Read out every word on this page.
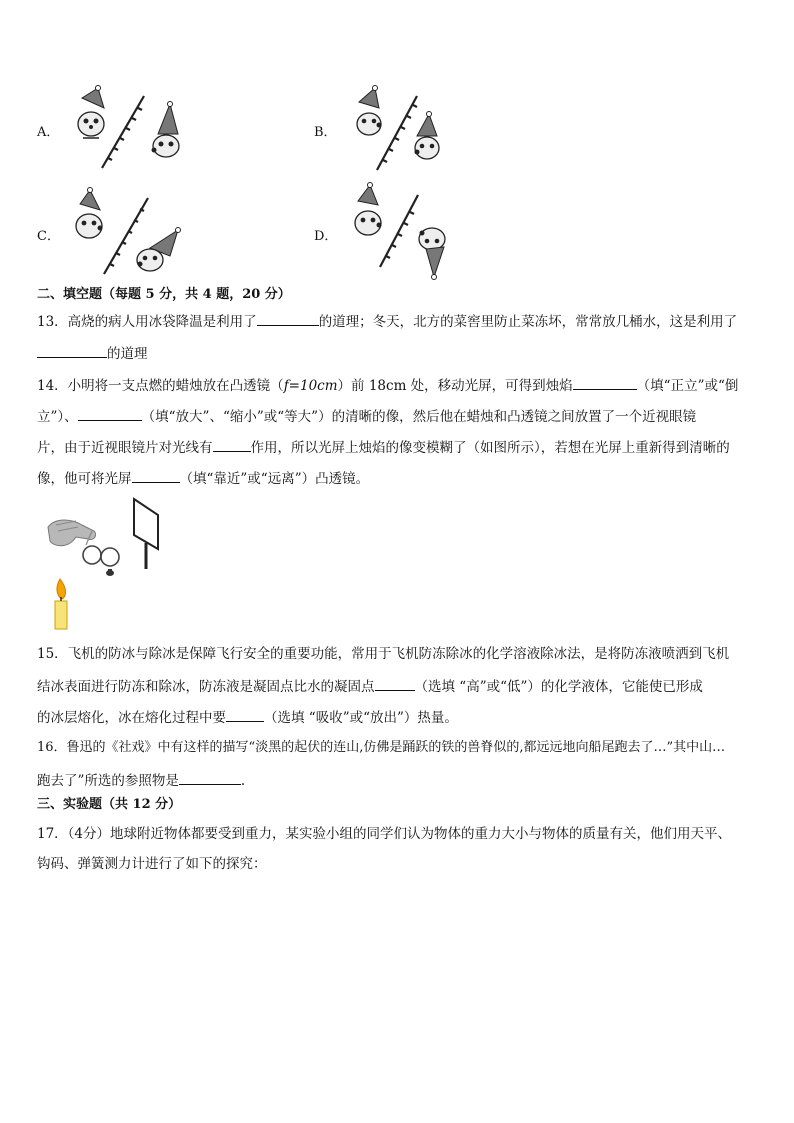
A．	B．
C．	D．
二、填空题（每题 5 分，共 4 题，20 分）
13．高烧的病人用冰袋降温是利用了	的道理；冬天，北方的菜窖里防止菜冻坏，常常放几桶水，这是利用了
的道理
14．小明将一支点燃的蜡烛放在凸透镜（f=10cm）前 18cm 处，移动光屏，可得到烛焰	（填“正立”或“倒
立”）、	（填“放大”、“缩小”或“等大”）的清晰的像，然后他在蜡烛和凸透镜之间放置了一个近视眼镜
片，由于近视眼镜片对光线有	作用，所以光屏上烛焰的像变模糊了（如图所示），若想在光屏上重新得到清晰的
像，他可将光屏	（填“靠近”或“远离”）凸透镜。
15．飞机的防冰与除冰是保障飞行安全的重要功能，常用于飞机防冻除冰的化学溶液除冰法，是将防冻液喷洒到飞机
结冰表面进行防冻和除冰，防冻液是凝固点比水的凝固点	（选填 “高”或“低”）的化学液体，它能使已形成
的冰层熔化，冰在熔化过程中要	（选填 “吸收”或“放出”）热量。
16．鲁迅的《社戏》中有这样的描写“淡黑的起伏的连山,仿佛是踊跃的铁的兽脊似的,都远远地向船尾跑去了…”其中山…
跑去了”所选的参照物是	.
三、实验题（共 12 分）
17．（4分）地球附近物体都要受到重力，某实验小组的同学们认为物体的重力大小与物体的质量有关，他们用天平、
钩码、弹簧测力计进行了如下的探究：
